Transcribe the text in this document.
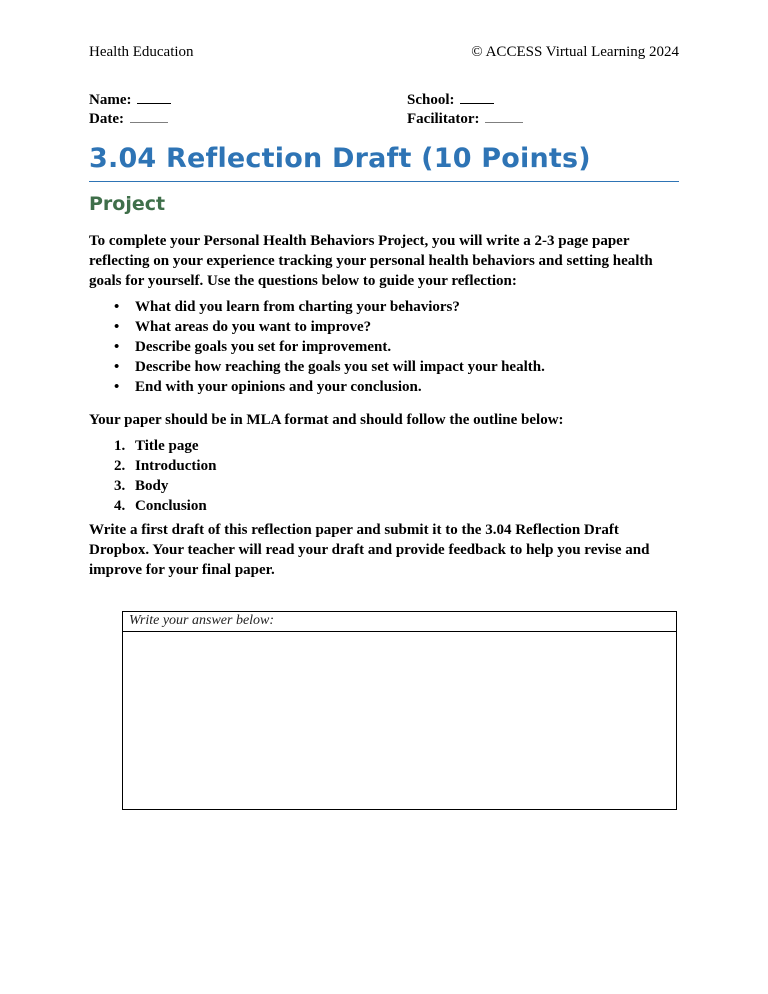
Health Education	© ACCESS Virtual Learning 2024
Name:
Date:
School:
Facilitator:
3.04 Reflection Draft (10 Points)
Project

To complete your Personal Health Behaviors Project, you will write a 2-3 page paper reflecting on your experience tracking your personal health behaviors and setting health goals for yourself. Use the questions below to guide your reflection:

• What did you learn from charting your behaviors?
• What areas do you want to improve?
• Describe goals you set for improvement.
• Describe how reaching the goals you set will impact your health.
• End with your opinions and your conclusion.

Your paper should be in MLA format and should follow the outline below:

1. Title page
2. Introduction
3. Body
4. Conclusion

Write a first draft of this reflection paper and submit it to the 3.04 Reflection Draft Dropbox. Your teacher will read your draft and provide feedback to help you revise and improve for your final paper.

Write your answer below:
